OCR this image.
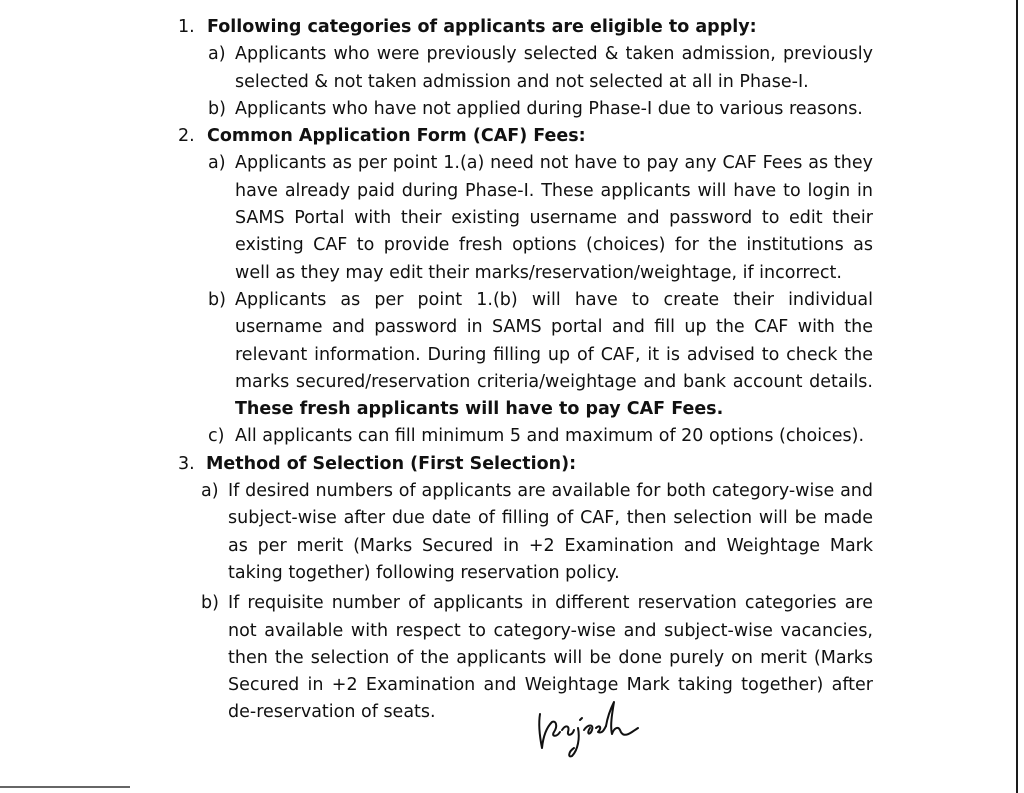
1. Following categories of applicants are eligible to apply:
a) Applicants who were previously selected & taken admission, previously selected & not taken admission and not selected at all in Phase-I.
b) Applicants who have not applied during Phase-I due to various reasons.
2. Common Application Form (CAF) Fees:
a) Applicants as per point 1.(a) need not have to pay any CAF Fees as they have already paid during Phase-I. These applicants will have to login in SAMS Portal with their existing username and password to edit their existing CAF to provide fresh options (choices) for the institutions as well as they may edit their marks/reservation/weightage, if incorrect.
b) Applicants as per point 1.(b) will have to create their individual username and password in SAMS portal and fill up the CAF with the relevant information. During filling up of CAF, it is advised to check the marks secured/reservation criteria/weightage and bank account details. These fresh applicants will have to pay CAF Fees.
c) All applicants can fill minimum 5 and maximum of 20 options (choices).
3. Method of Selection (First Selection):
a) If desired numbers of applicants are available for both category-wise and subject-wise after due date of filling of CAF, then selection will be made as per merit (Marks Secured in +2 Examination and Weightage Mark taking together) following reservation policy.
b) If requisite number of applicants in different reservation categories are not available with respect to category-wise and subject-wise vacancies, then the selection of the applicants will be done purely on merit (Marks Secured in +2 Examination and Weightage Mark taking together) after de-reservation of seats.
